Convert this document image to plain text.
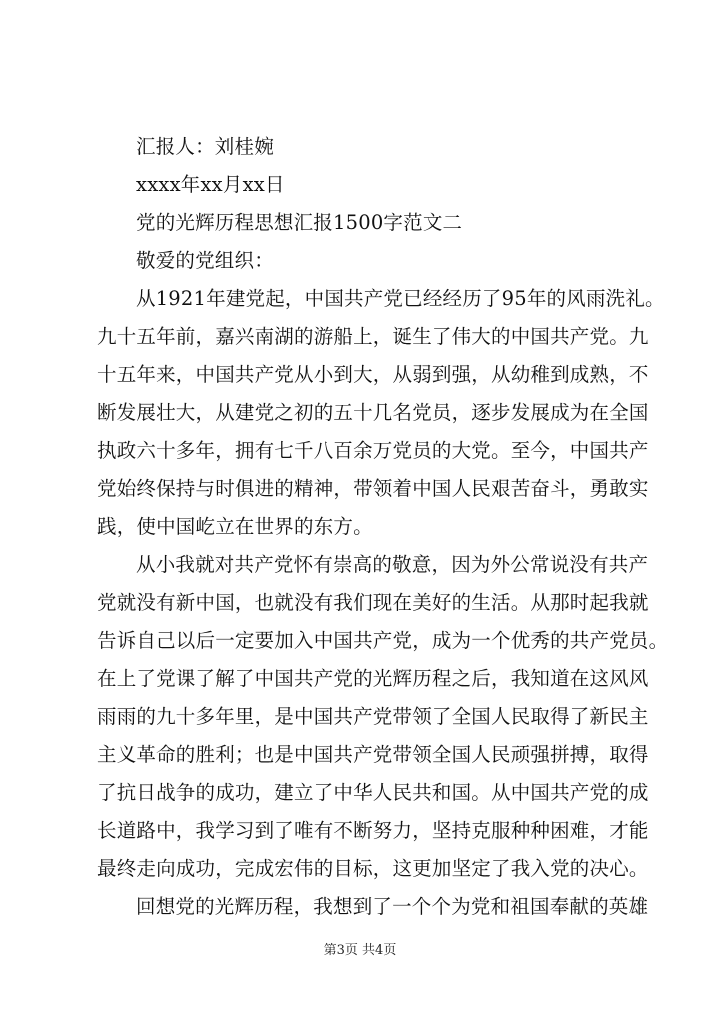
汇报人：刘桂婉
xxxx年xx月xx日
党的光辉历程思想汇报1500字范文二
敬爱的党组织：
从1921年建党起，中国共产党已经经历了95年的风雨洗礼。
九十五年前，嘉兴南湖的游船上，诞生了伟大的中国共产党。九
十五年来，中国共产党从小到大，从弱到强，从幼稚到成熟，不
断发展壮大，从建党之初的五十几名党员，逐步发展成为在全国
执政六十多年，拥有七千八百余万党员的大党。至今，中国共产
党始终保持与时俱进的精神，带领着中国人民艰苦奋斗，勇敢实
践，使中国屹立在世界的东方。
从小我就对共产党怀有崇高的敬意，因为外公常说没有共产
党就没有新中国，也就没有我们现在美好的生活。从那时起我就
告诉自己以后一定要加入中国共产党，成为一个优秀的共产党员。
在上了党课了解了中国共产党的光辉历程之后，我知道在这风风
雨雨的九十多年里，是中国共产党带领了全国人民取得了新民主
主义革命的胜利；也是中国共产党带领全国人民顽强拼搏，取得
了抗日战争的成功，建立了中华人民共和国。从中国共产党的成
长道路中，我学习到了唯有不断努力，坚持克服种种困难，才能
最终走向成功，完成宏伟的目标，这更加坚定了我入党的决心。
回想党的光辉历程，我想到了一个个为党和祖国奉献的英雄
第3页 共4页
